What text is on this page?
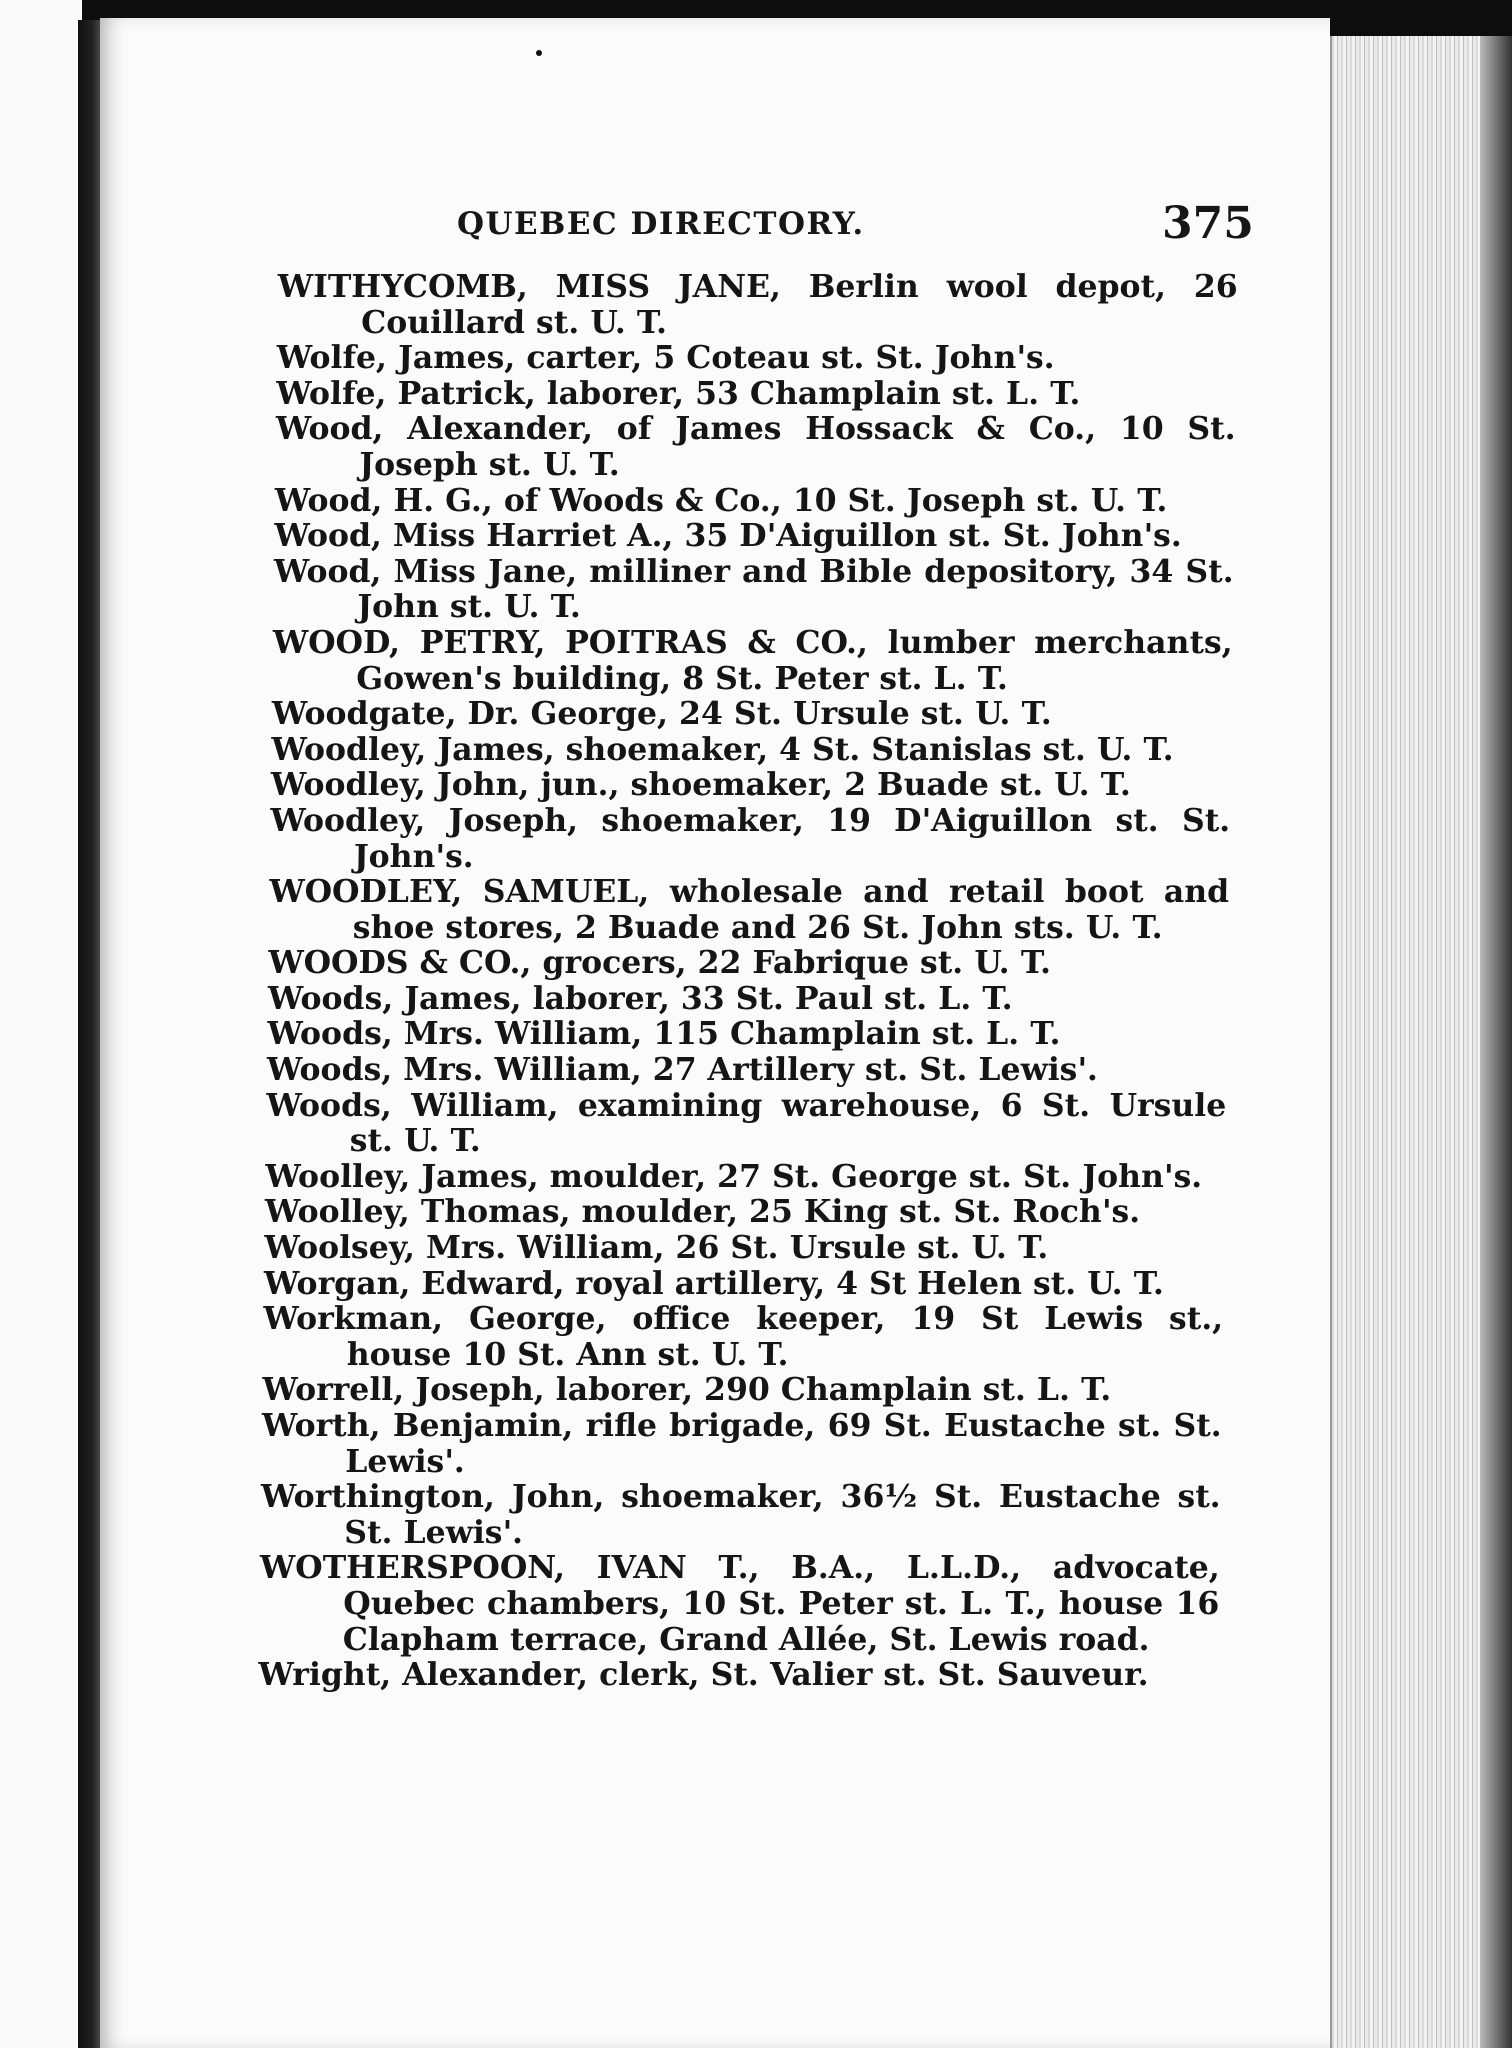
QUEBEC DIRECTORY.	375
WITHYCOMB, MISS JANE, Berlin wool depot, 26 Couillard st. U. T.
Wolfe, James, carter, 5 Coteau st. St. John's.
Wolfe, Patrick, laborer, 53 Champlain st. L. T.
Wood, Alexander, of James Hossack & Co., 10 St. Joseph st. U. T.
Wood, H. G., of Woods & Co., 10 St. Joseph st. U. T.
Wood, Miss Harriet A., 35 D'Aiguillon st. St. John's.
Wood, Miss Jane, milliner and Bible depository, 34 St. John st. U. T.
WOOD, PETRY, POITRAS & CO., lumber merchants, Gowen's building, 8 St. Peter st. L. T.
Woodgate, Dr. George, 24 St. Ursule st. U. T.
Woodley, James, shoemaker, 4 St. Stanislas st. U. T.
Woodley, John, jun., shoemaker, 2 Buade st. U. T.
Woodley, Joseph, shoemaker, 19 D'Aiguillon st. St. John's.
WOODLEY, SAMUEL, wholesale and retail boot and shoe stores, 2 Buade and 26 St. John sts. U. T.
WOODS & CO., grocers, 22 Fabrique st. U. T.
Woods, James, laborer, 33 St. Paul st. L. T.
Woods, Mrs. William, 115 Champlain st. L. T.
Woods, Mrs. William, 27 Artillery st. St. Lewis'.
Woods, William, examining warehouse, 6 St. Ursule st. U. T.
Woolley, James, moulder, 27 St. George st. St. John's.
Woolley, Thomas, moulder, 25 King st. St. Roch's.
Woolsey, Mrs. William, 26 St. Ursule st. U. T.
Worgan, Edward, royal artillery, 4 St Helen st. U. T.
Workman, George, office keeper, 19 St Lewis st., house 10 St. Ann st. U. T.
Worrell, Joseph, laborer, 290 Champlain st. L. T.
Worth, Benjamin, rifle brigade, 69 St. Eustache st. St. Lewis'.
Worthington, John, shoemaker, 36½ St. Eustache st. St. Lewis'.
WOTHERSPOON, IVAN T., B.A., L.L.D., advocate, Quebec chambers, 10 St. Peter st. L. T., house 16 Clapham terrace, Grand Allée, St. Lewis road.
Wright, Alexander, clerk, St. Valier st. St. Sauveur.
